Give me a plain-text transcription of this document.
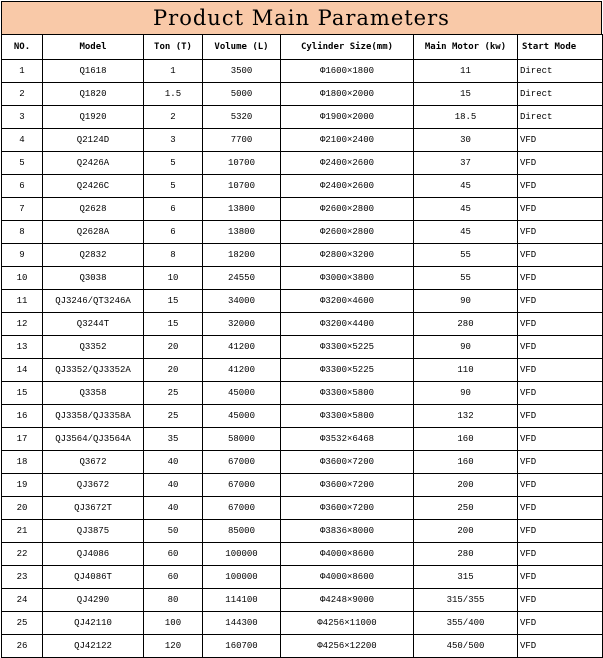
Product Main Parameters
NO.	Model	Ton (T)	Volume (L)	Cylinder Size(mm)	Main Motor (kw)	Start Mode
1	Q1618	1	3500	Φ1600×1800	11	Direct
2	Q1820	1.5	5000	Φ1800×2000	15	Direct
3	Q1920	2	5320	Φ1900×2000	18.5	Direct
4	Q2124D	3	7700	Φ2100×2400	30	VFD
5	Q2426A	5	10700	Φ2400×2600	37	VFD
6	Q2426C	5	10700	Φ2400×2600	45	VFD
7	Q2628	6	13800	Φ2600×2800	45	VFD
8	Q2628A	6	13800	Φ2600×2800	45	VFD
9	Q2832	8	18200	Φ2800×3200	55	VFD
10	Q3038	10	24550	Φ3000×3800	55	VFD
11	QJ3246/QT3246A	15	34000	Φ3200×4600	90	VFD
12	Q3244T	15	32000	Φ3200×4400	280	VFD
13	Q3352	20	41200	Φ3300×5225	90	VFD
14	QJ3352/QJ3352A	20	41200	Φ3300×5225	110	VFD
15	Q3358	25	45000	Φ3300×5800	90	VFD
16	QJ3358/QJ3358A	25	45000	Φ3300×5800	132	VFD
17	QJ3564/QJ3564A	35	58000	Φ3532×6468	160	VFD
18	Q3672	40	67000	Φ3600×7200	160	VFD
19	QJ3672	40	67000	Φ3600×7200	200	VFD
20	QJ3672T	40	67000	Φ3600×7200	250	VFD
21	QJ3875	50	85000	Φ3836×8000	200	VFD
22	QJ4086	60	100000	Φ4000×8600	280	VFD
23	QJ4086T	60	100000	Φ4000×8600	315	VFD
24	QJ4290	80	114100	Φ4248×9000	315/355	VFD
25	QJ42110	100	144300	Φ4256×11000	355/400	VFD
26	QJ42122	120	160700	Φ4256×12200	450/500	VFD
